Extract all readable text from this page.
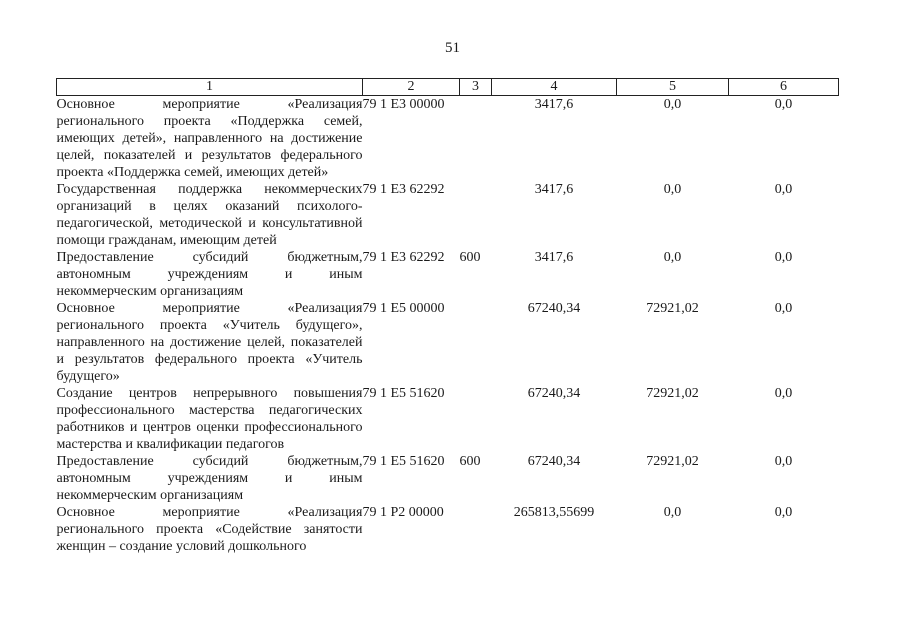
51
1	2	3	4	5	6
Основное мероприятие «Реализация регионального проекта «Поддержка семей, имеющих детей», направленного на достижение целей, показателей и результатов федерального проекта «Поддержка семей, имеющих детей»	79 1 E3 00000		3417,6	0,0	0,0
Государственная поддержка некоммерческих организаций в целях оказаний психолого-педагогической, методической и консультативной помощи гражданам, имеющим детей	79 1 E3 62292		3417,6	0,0	0,0
Предоставление субсидий бюджетным, автономным учреждениям и иным некоммерческим организациям	79 1 E3 62292	600	3417,6	0,0	0,0
Основное мероприятие «Реализация регионального проекта «Учитель будущего», направленного на достижение целей, показателей и результатов федерального проекта «Учитель будущего»	79 1 E5 00000		67240,34	72921,02	0,0
Создание центров непрерывного повышения профессионального мастерства педагогических работников и центров оценки профессионального мастерства и квалификации педагогов	79 1 E5 51620		67240,34	72921,02	0,0
Предоставление субсидий бюджетным, автономным учреждениям и иным некоммерческим организациям	79 1 E5 51620	600	67240,34	72921,02	0,0
Основное мероприятие «Реализация регионального проекта «Содействие занятости женщин – создание условий дошкольного	79 1 P2 00000		265813,55699	0,0	0,0
